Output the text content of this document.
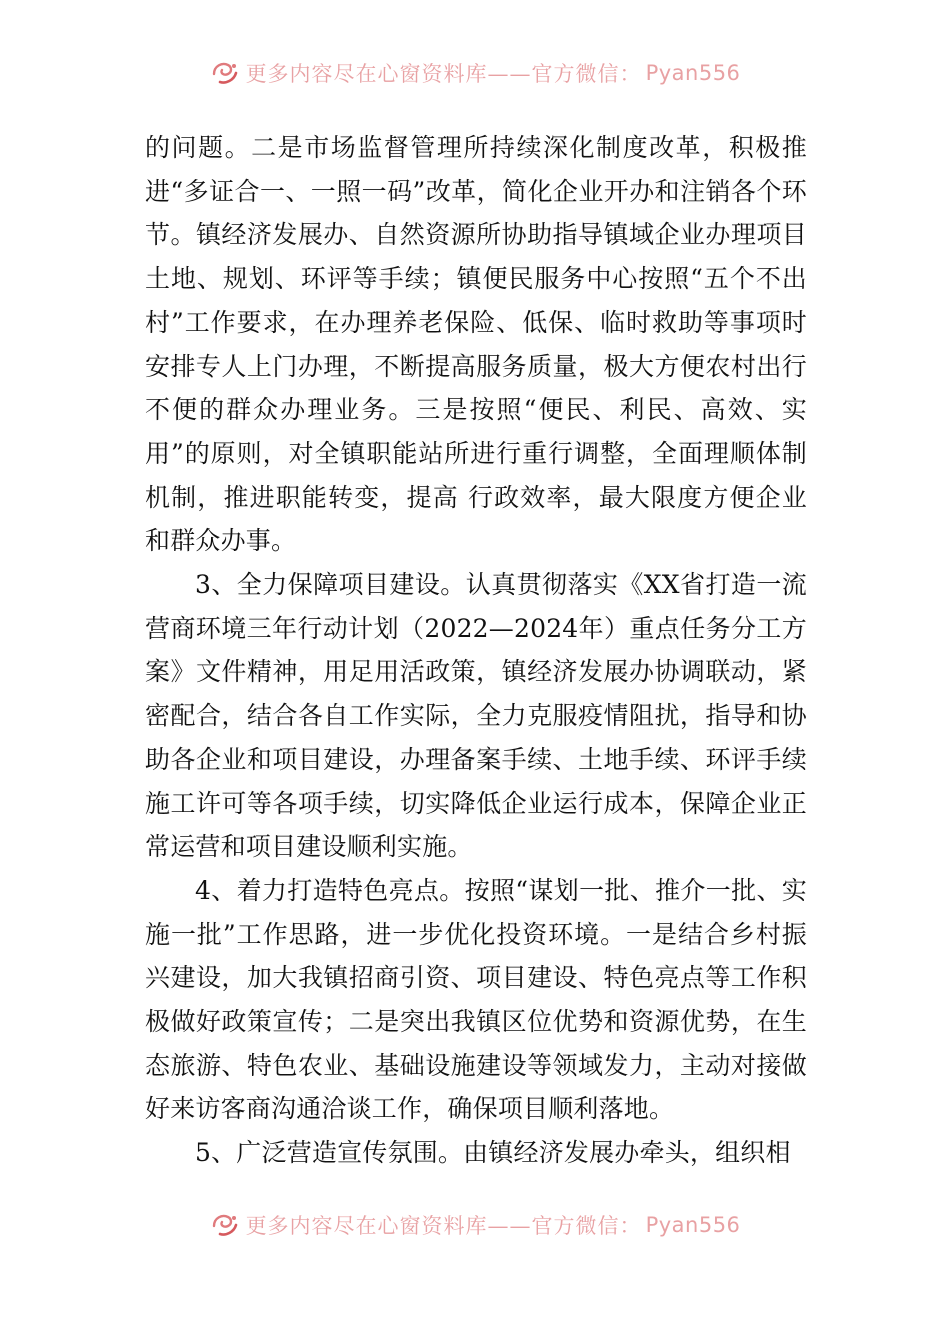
更多内容尽在心窗资料库——官方微信： Pyan556

的问题。二是市场监督管理所持续深化制度改革，积极推进“多证合一、一照一码”改革，简化企业开办和注销各个环节。镇经济发展办、自然资源所协助指导镇域企业办理项目土地、规划、环评等手续；镇便民服务中心按照“五个不出村”工作要求，在办理养老保险、低保、临时救助等事项时安排专人上门办理，不断提高服务质量，极大方便农村出行不便的群众办理业务。三是按照“便民、利民、高效、实用”的原则，对全镇职能站所进行重行调整，全面理顺体制机制，推进职能转变，提高 行政效率，最大限度方便企业和群众办事。

3、全力保障项目建设。认真贯彻落实《XX省打造一流营商环境三年行动计划（2022—2024年）重点任务分工方案》文件精神，用足用活政策，镇经济发展办协调联动，紧密配合，结合各自工作实际，全力克服疫情阻扰，指导和协助各企业和项目建设，办理备案手续、土地手续、环评手续施工许可等各项手续，切实降低企业运行成本，保障企业正常运营和项目建设顺利实施。

4、着力打造特色亮点。按照“谋划一批、推介一批、实施一批”工作思路，进一步优化投资环境。一是结合乡村振兴建设，加大我镇招商引资、项目建设、特色亮点等工作积极做好政策宣传；二是突出我镇区位优势和资源优势，在生态旅游、特色农业、基础设施建设等领域发力，主动对接做好来访客商沟通洽谈工作，确保项目顺利落地。

5、广泛营造宣传氛围。由镇经济发展办牵头，组织相

更多内容尽在心窗资料库——官方微信： Pyan556
